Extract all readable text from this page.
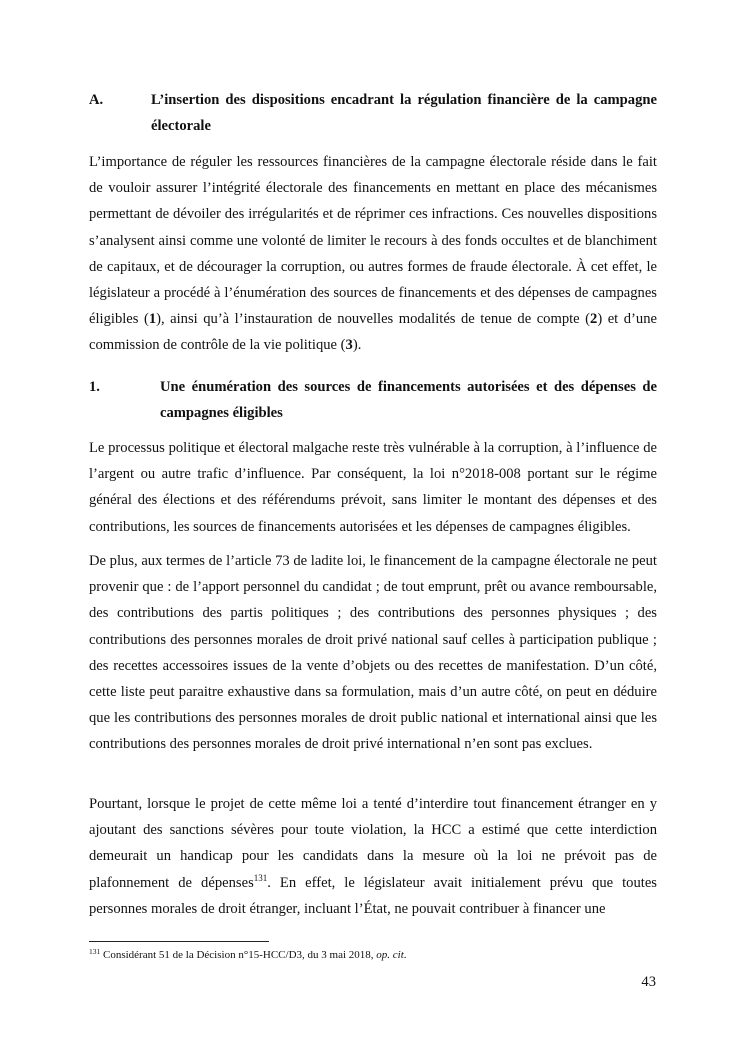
A.	L’insertion des dispositions encadrant la régulation financière de la campagne électorale

L’importance de réguler les ressources financières de la campagne électorale réside dans le fait de vouloir assurer l’intégrité électorale des financements en mettant en place des mécanismes permettant de dévoiler des irrégularités et de réprimer ces infractions. Ces nouvelles dispositions s’analysent ainsi comme une volonté de limiter le recours à des fonds occultes et de blanchiment de capitaux, et de décourager la corruption, ou autres formes de fraude électorale. À cet effet, le législateur a procédé à l’énumération des sources de financements et des dépenses de campagnes éligibles (1), ainsi qu’à l’instauration de nouvelles modalités de tenue de compte (2) et d’une commission de contrôle de la vie politique (3).

1.	Une énumération des sources de financements autorisées et des dépenses de campagnes éligibles

Le processus politique et électoral malgache reste très vulnérable à la corruption, à l’influence de l’argent ou autre trafic d’influence. Par conséquent, la loi n°2018-008 portant sur le régime général des élections et des référendums prévoit, sans limiter le montant des dépenses et des contributions, les sources de financements autorisées et les dépenses de campagnes éligibles.

De plus, aux termes de l’article 73 de ladite loi, le financement de la campagne électorale ne peut provenir que : de l’apport personnel du candidat ; de tout emprunt, prêt ou avance remboursable, des contributions des partis politiques ; des contributions des personnes physiques ; des contributions des personnes morales de droit privé national sauf celles à participation publique ; des recettes accessoires issues de la vente d’objets ou des recettes de manifestation. D’un côté, cette liste peut paraitre exhaustive dans sa formulation, mais d’un autre côté, on peut en déduire que les contributions des personnes morales de droit public national et international ainsi que les contributions des personnes morales de droit privé international n’en sont pas exclues.

Pourtant, lorsque le projet de cette même loi a tenté d’interdire tout financement étranger en y ajoutant des sanctions sévères pour toute violation, la HCC a estimé que cette interdiction demeurait un handicap pour les candidats dans la mesure où la loi ne prévoit pas de plafonnement de dépenses$^{131}$. En effet, le législateur avait initialement prévu que toutes personnes morales de droit étranger, incluant l’État, ne pouvait contribuer à financer une

$^{131}$ Considérant 51 de la Décision n°15-HCC/D3, du 3 mai 2018, op. cit.
43
